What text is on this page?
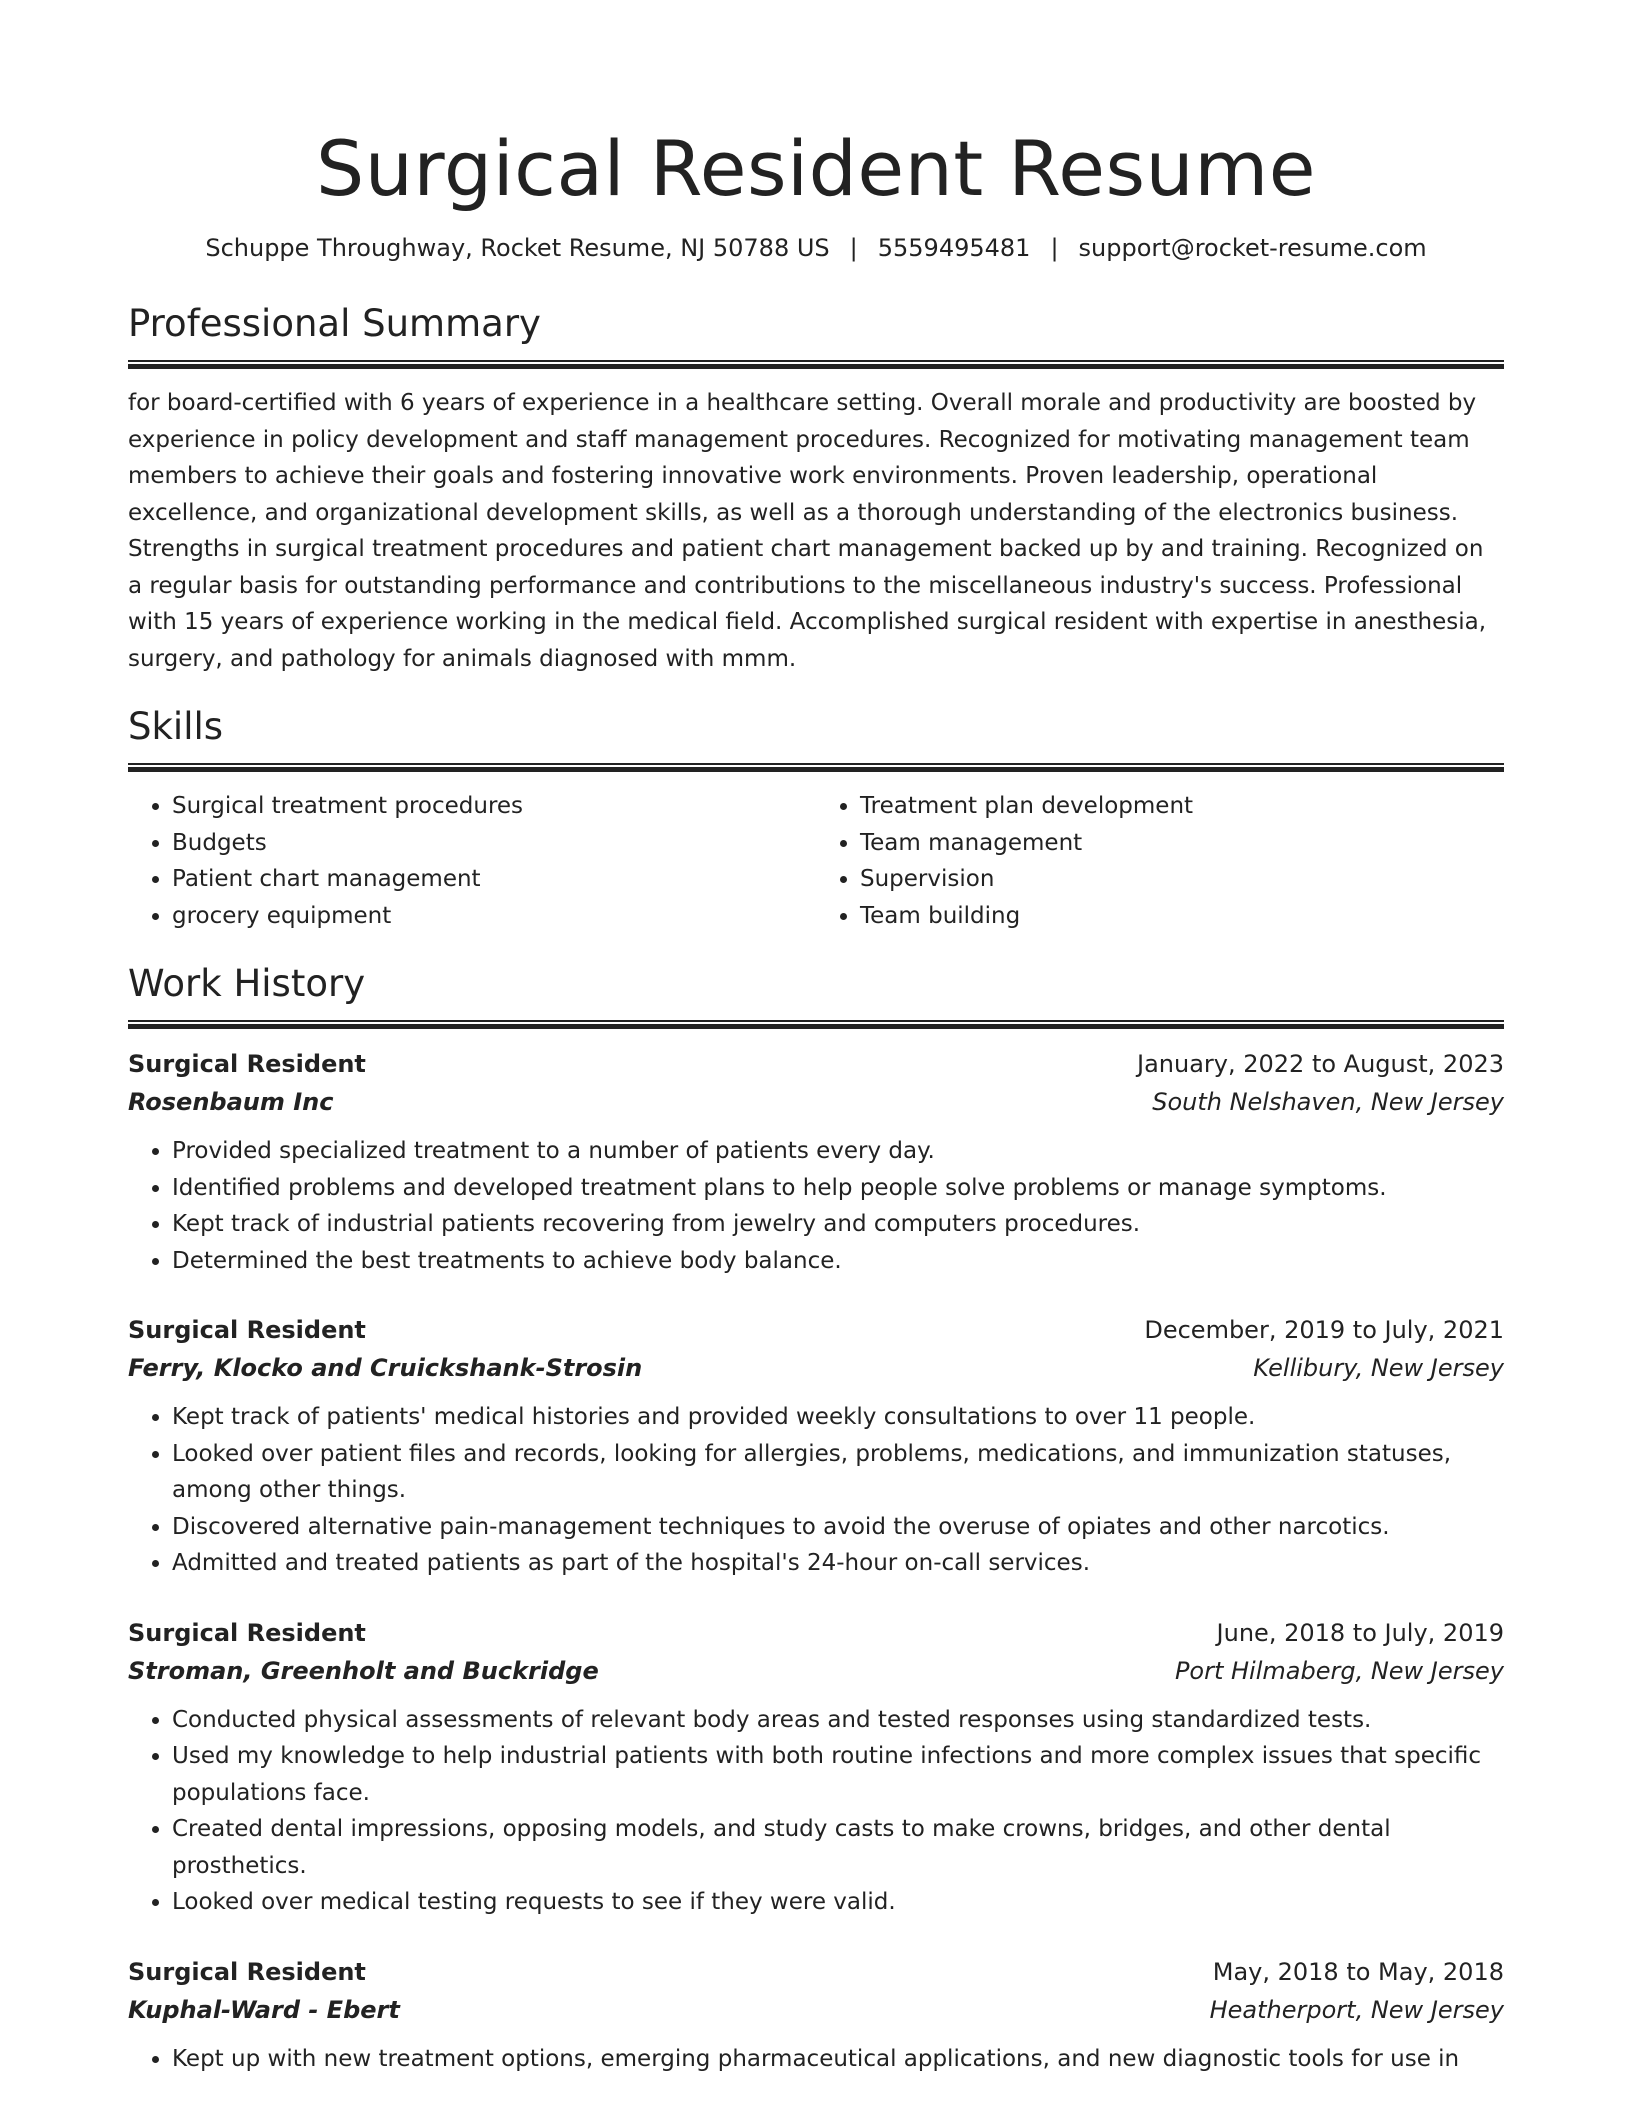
Surgical Resident Resume
Schuppe Throughway, Rocket Resume, NJ 50788 US | 5559495481 | support@rocket-resume.com
Professional Summary
for board-certified with 6 years of experience in a healthcare setting. Overall morale and productivity are boosted by experience in policy development and staff management procedures. Recognized for motivating management team members to achieve their goals and fostering innovative work environments. Proven leadership, operational excellence, and organizational development skills, as well as a thorough understanding of the electronics business. Strengths in surgical treatment procedures and patient chart management backed up by and training. Recognized on a regular basis for outstanding performance and contributions to the miscellaneous industry's success. Professional with 15 years of experience working in the medical field. Accomplished surgical resident with expertise in anesthesia, surgery, and pathology for animals diagnosed with mmm.
Skills
• Surgical treatment procedures
• Budgets
• Patient chart management
• grocery equipment
• Treatment plan development
• Team management
• Supervision
• Team building
Work History
Surgical Resident	January, 2022 to August, 2023
Rosenbaum Inc	South Nelshaven, New Jersey
• Provided specialized treatment to a number of patients every day.
• Identified problems and developed treatment plans to help people solve problems or manage symptoms.
• Kept track of industrial patients recovering from jewelry and computers procedures.
• Determined the best treatments to achieve body balance.
Surgical Resident	December, 2019 to July, 2021
Ferry, Klocko and Cruickshank-Strosin	Kellibury, New Jersey
• Kept track of patients' medical histories and provided weekly consultations to over 11 people.
• Looked over patient files and records, looking for allergies, problems, medications, and immunization statuses, among other things.
• Discovered alternative pain-management techniques to avoid the overuse of opiates and other narcotics.
• Admitted and treated patients as part of the hospital's 24-hour on-call services.
Surgical Resident	June, 2018 to July, 2019
Stroman, Greenholt and Buckridge	Port Hilmaberg, New Jersey
• Conducted physical assessments of relevant body areas and tested responses using standardized tests.
• Used my knowledge to help industrial patients with both routine infections and more complex issues that specific populations face.
• Created dental impressions, opposing models, and study casts to make crowns, bridges, and other dental prosthetics.
• Looked over medical testing requests to see if they were valid.
Surgical Resident	May, 2018 to May, 2018
Kuphal-Ward - Ebert	Heatherport, New Jersey
• Kept up with new treatment options, emerging pharmaceutical applications, and new diagnostic tools for use in
